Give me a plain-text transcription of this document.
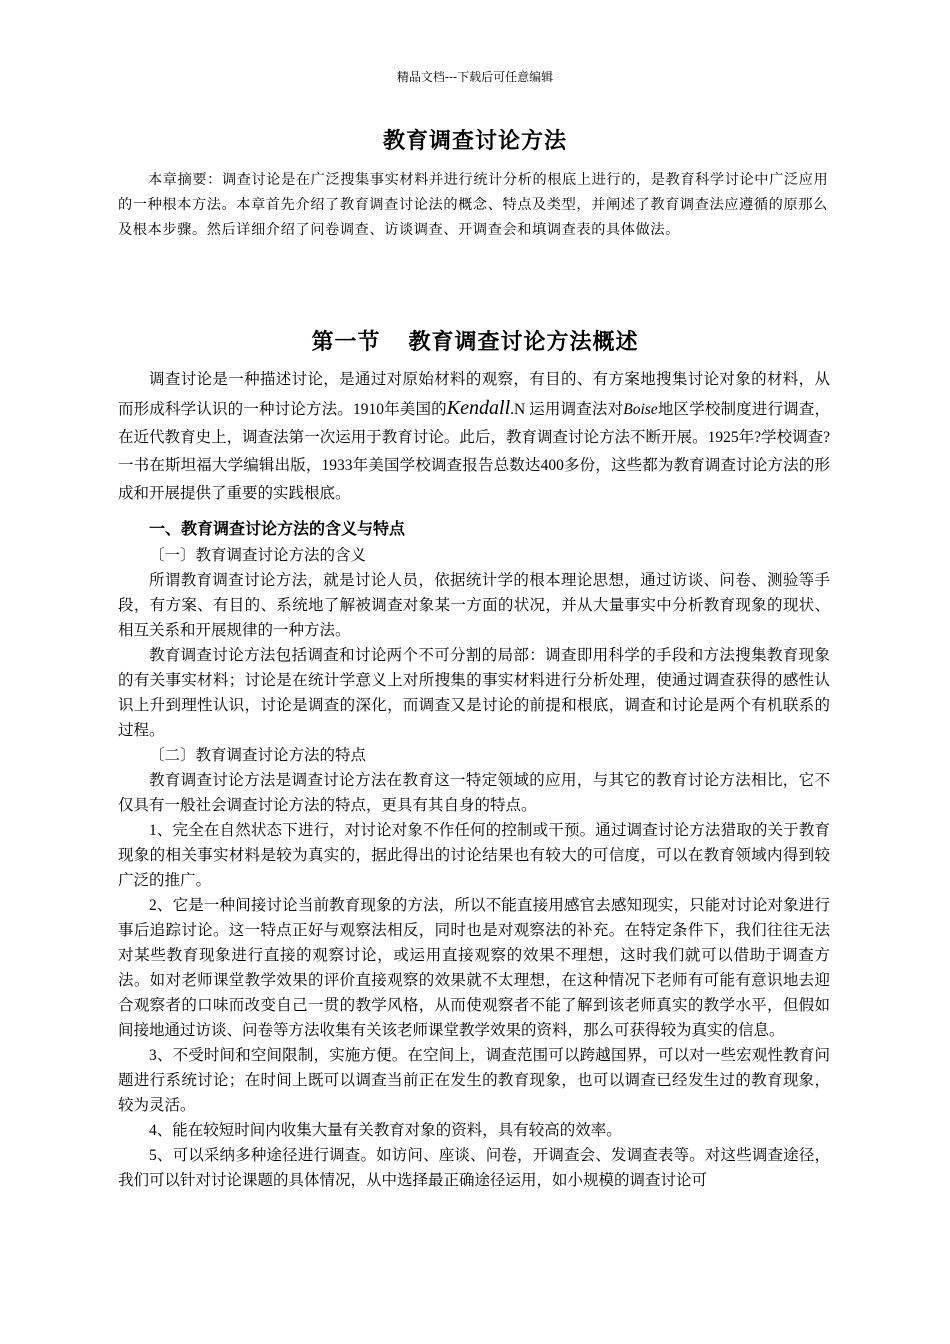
精品文档---下载后可任意编辑
教育调查讨论方法

本章摘要：调查讨论是在广泛搜集事实材料并进行统计分析的根底上进行的，是教育科学讨论中广泛应用的一种根本方法。本章首先介绍了教育调查讨论法的概念、特点及类型，并阐述了教育调查法应遵循的原那么及根本步骤。然后详细介绍了问卷调查、访谈调查、开调查会和填调查表的具体做法。

第一节 教育调查讨论方法概述

调查讨论是一种描述讨论，是通过对原始材料的观察，有目的、有方案地搜集讨论对象的材料，从而形成科学认识的一种讨论方法。1910年美国的Kendall.N 运用调查法对Boise地区学校制度进行调查，在近代教育史上，调查法第一次运用于教育讨论。此后，教育调查讨论方法不断开展。1925年?学校调查?一书在斯坦福大学编辑出版，1933年美国学校调查报告总数达400多份，这些都为教育调查讨论方法的形成和开展提供了重要的实践根底。

一、教育调查讨论方法的含义与特点

〔一〕教育调查讨论方法的含义

所谓教育调查讨论方法，就是讨论人员，依据统计学的根本理论思想，通过访谈、问卷、测验等手段，有方案、有目的、系统地了解被调查对象某一方面的状况，并从大量事实中分析教育现象的现状、相互关系和开展规律的一种方法。

教育调查讨论方法包括调查和讨论两个不可分割的局部：调查即用科学的手段和方法搜集教育现象的有关事实材料；讨论是在统计学意义上对所搜集的事实材料进行分析处理，使通过调查获得的感性认识上升到理性认识，讨论是调查的深化，而调查又是讨论的前提和根底，调查和讨论是两个有机联系的过程。

〔二〕教育调查讨论方法的特点

教育调查讨论方法是调查讨论方法在教育这一特定领域的应用，与其它的教育讨论方法相比，它不仅具有一般社会调查讨论方法的特点，更具有其自身的特点。

1、完全在自然状态下进行，对讨论对象不作任何的控制或干预。通过调查讨论方法猎取的关于教育现象的相关事实材料是较为真实的，据此得出的讨论结果也有较大的可信度，可以在教育领域内得到较广泛的推广。

2、它是一种间接讨论当前教育现象的方法，所以不能直接用感官去感知现实，只能对讨论对象进行事后追踪讨论。这一特点正好与观察法相反，同时也是对观察法的补充。在特定条件下，我们往往无法对某些教育现象进行直接的观察讨论，或运用直接观察的效果不理想，这时我们就可以借助于调查方法。如对老师课堂教学效果的评价直接观察的效果就不太理想，在这种情况下老师有可能有意识地去迎合观察者的口味而改变自己一贯的教学风格，从而使观察者不能了解到该老师真实的教学水平，但假如间接地通过访谈、问卷等方法收集有关该老师课堂教学效果的资料，那么可获得较为真实的信息。

3、不受时间和空间限制，实施方便。在空间上，调查范围可以跨越国界，可以对一些宏观性教育问题进行系统讨论；在时间上既可以调查当前正在发生的教育现象，也可以调查已经发生过的教育现象，较为灵活。

4、能在较短时间内收集大量有关教育对象的资料，具有较高的效率。

5、可以采纳多种途径进行调查。如访问、座谈、问卷，开调查会、发调查表等。对这些调查途径，我们可以针对讨论课题的具体情况，从中选择最正确途径运用，如小规模的调查讨论可
